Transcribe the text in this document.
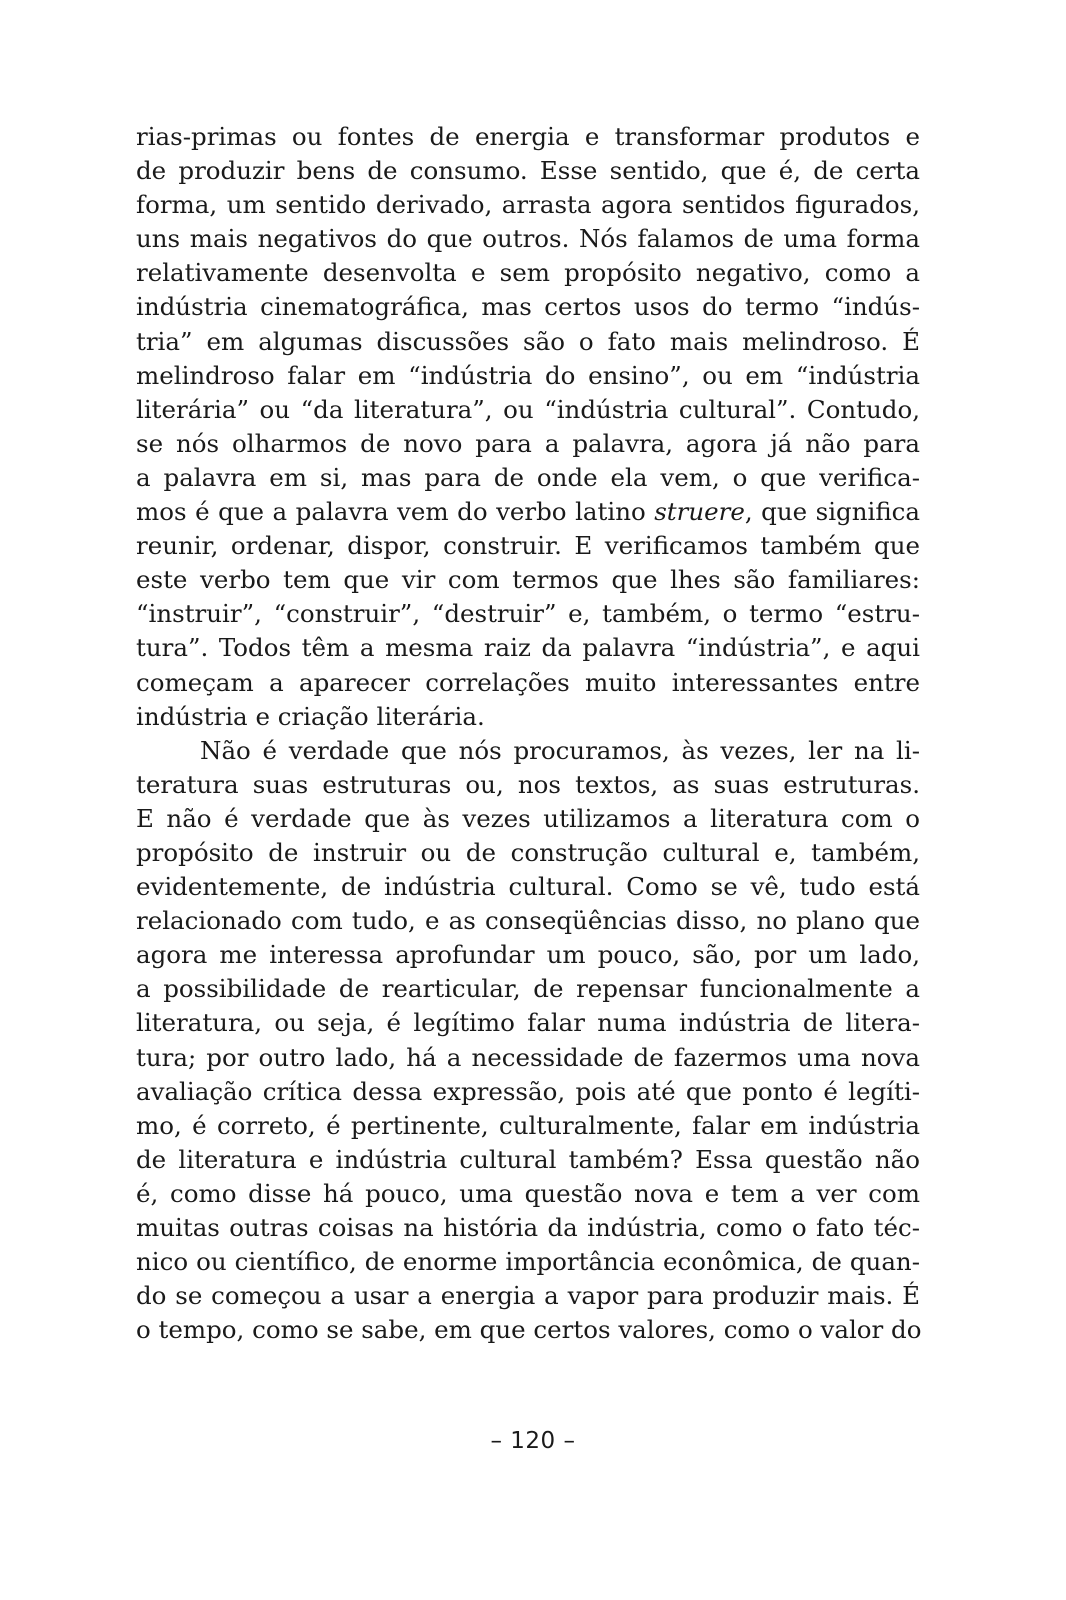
rias-primas ou fontes de energia e transformar produtos e
de produzir bens de consumo. Esse sentido, que é, de certa
forma, um sentido derivado, arrasta agora sentidos figurados,
uns mais negativos do que outros. Nós falamos de uma forma
relativamente desenvolta e sem propósito negativo, como a
indústria cinematográfica, mas certos usos do termo “indús-
tria” em algumas discussões são o fato mais melindroso. É
melindroso falar em “indústria do ensino”, ou em “indústria
literária” ou “da literatura”, ou “indústria cultural”. Contudo,
se nós olharmos de novo para a palavra, agora já não para
a palavra em si, mas para de onde ela vem, o que verifica-
mos é que a palavra vem do verbo latino struere, que significa
reunir, ordenar, dispor, construir. E verificamos também que
este verbo tem que vir com termos que lhes são familiares:
“instruir”, “construir”, “destruir” e, também, o termo “estru-
tura”. Todos têm a mesma raiz da palavra “indústria”, e aqui
começam a aparecer correlações muito interessantes entre
indústria e criação literária.
Não é verdade que nós procuramos, às vezes, ler na li-
teratura suas estruturas ou, nos textos, as suas estruturas.
E não é verdade que às vezes utilizamos a literatura com o
propósito de instruir ou de construção cultural e, também,
evidentemente, de indústria cultural. Como se vê, tudo está
relacionado com tudo, e as conseqüências disso, no plano que
agora me interessa aprofundar um pouco, são, por um lado,
a possibilidade de rearticular, de repensar funcionalmente a
literatura, ou seja, é legítimo falar numa indústria de litera-
tura; por outro lado, há a necessidade de fazermos uma nova
avaliação crítica dessa expressão, pois até que ponto é legíti-
mo, é correto, é pertinente, culturalmente, falar em indústria
de literatura e indústria cultural também? Essa questão não
é, como disse há pouco, uma questão nova e tem a ver com
muitas outras coisas na história da indústria, como o fato téc-
nico ou científico, de enorme importância econômica, de quan-
do se começou a usar a energia a vapor para produzir mais. É
o tempo, como se sabe, em que certos valores, como o valor do
– 120 –
